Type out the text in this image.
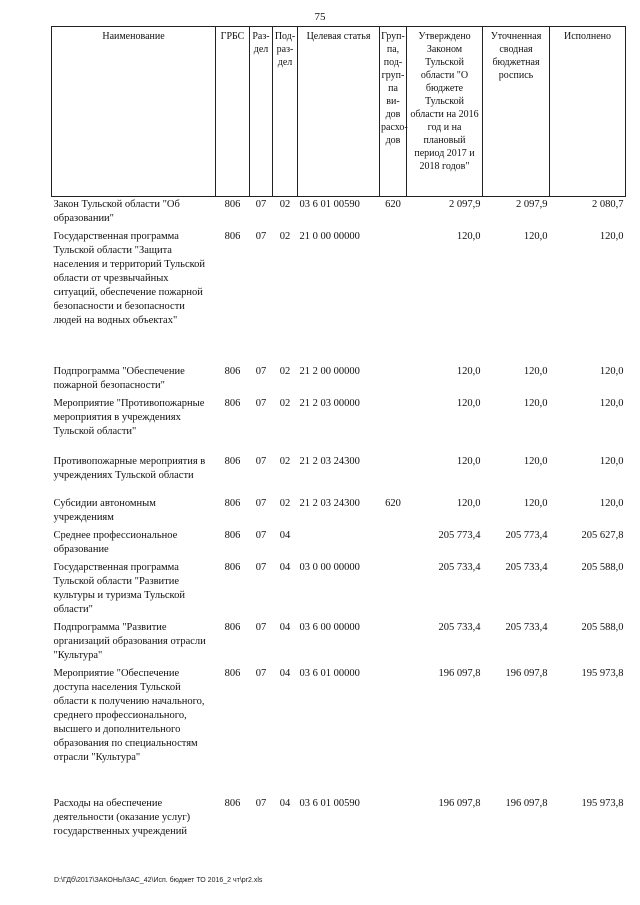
75
Наименование	ГРБС	Раз- дел	Под- раз- дел	Целевая статья	Груп- па, под- груп- па ви- дов расхо- дов	Утверждено Законом Тульской области "О бюджете Тульской области на 2016 год и на плановый период 2017 и 2018 годов"	Уточненная сводная бюджетная роспись	Исполнено
Закон Тульской области "Об образовании"	806	07	02	03 6 01 00590	620	2 097,9	2 097,9	2 080,7
Государственная программа Тульской области "Защита населения и территорий Тульской области от чрезвычайных ситуаций, обеспечение пожарной безопасности и безопасности людей на водных объектах"	806	07	02	21 0 00 00000		120,0	120,0	120,0
Подпрограмма "Обеспечение пожарной безопасности"	806	07	02	21 2 00 00000		120,0	120,0	120,0
Мероприятие "Противопожарные мероприятия в учреждениях Тульской области"	806	07	02	21 2 03 00000		120,0	120,0	120,0
Противопожарные мероприятия в учреждениях Тульской области	806	07	02	21 2 03 24300		120,0	120,0	120,0
Субсидии автономным учреждениям	806	07	02	21 2 03 24300	620	120,0	120,0	120,0
Среднее профессиональное образование	806	07	04			205 773,4	205 773,4	205 627,8
Государственная программа Тульской области "Развитие культуры и туризма Тульской области"	806	07	04	03 0 00 00000		205 733,4	205 733,4	205 588,0
Подпрограмма "Развитие организаций образования отрасли "Культура"	806	07	04	03 6 00 00000		205 733,4	205 733,4	205 588,0
Мероприятие "Обеспечение доступа населения Тульской области к получению начального, среднего профессионального, высшего и дополнительного образования по специальностям отрасли "Культура"	806	07	04	03 6 01 00000		196 097,8	196 097,8	195 973,8
Расходы на обеспечение деятельности (оказание услуг) государственных учреждений	806	07	04	03 6 01 00590		196 097,8	196 097,8	195 973,8
D:\ГДб\2017\ЗАКОНЫ\ЗАС_42\Исп. бюджет ТО 2016_2 чт\pr2.xls
